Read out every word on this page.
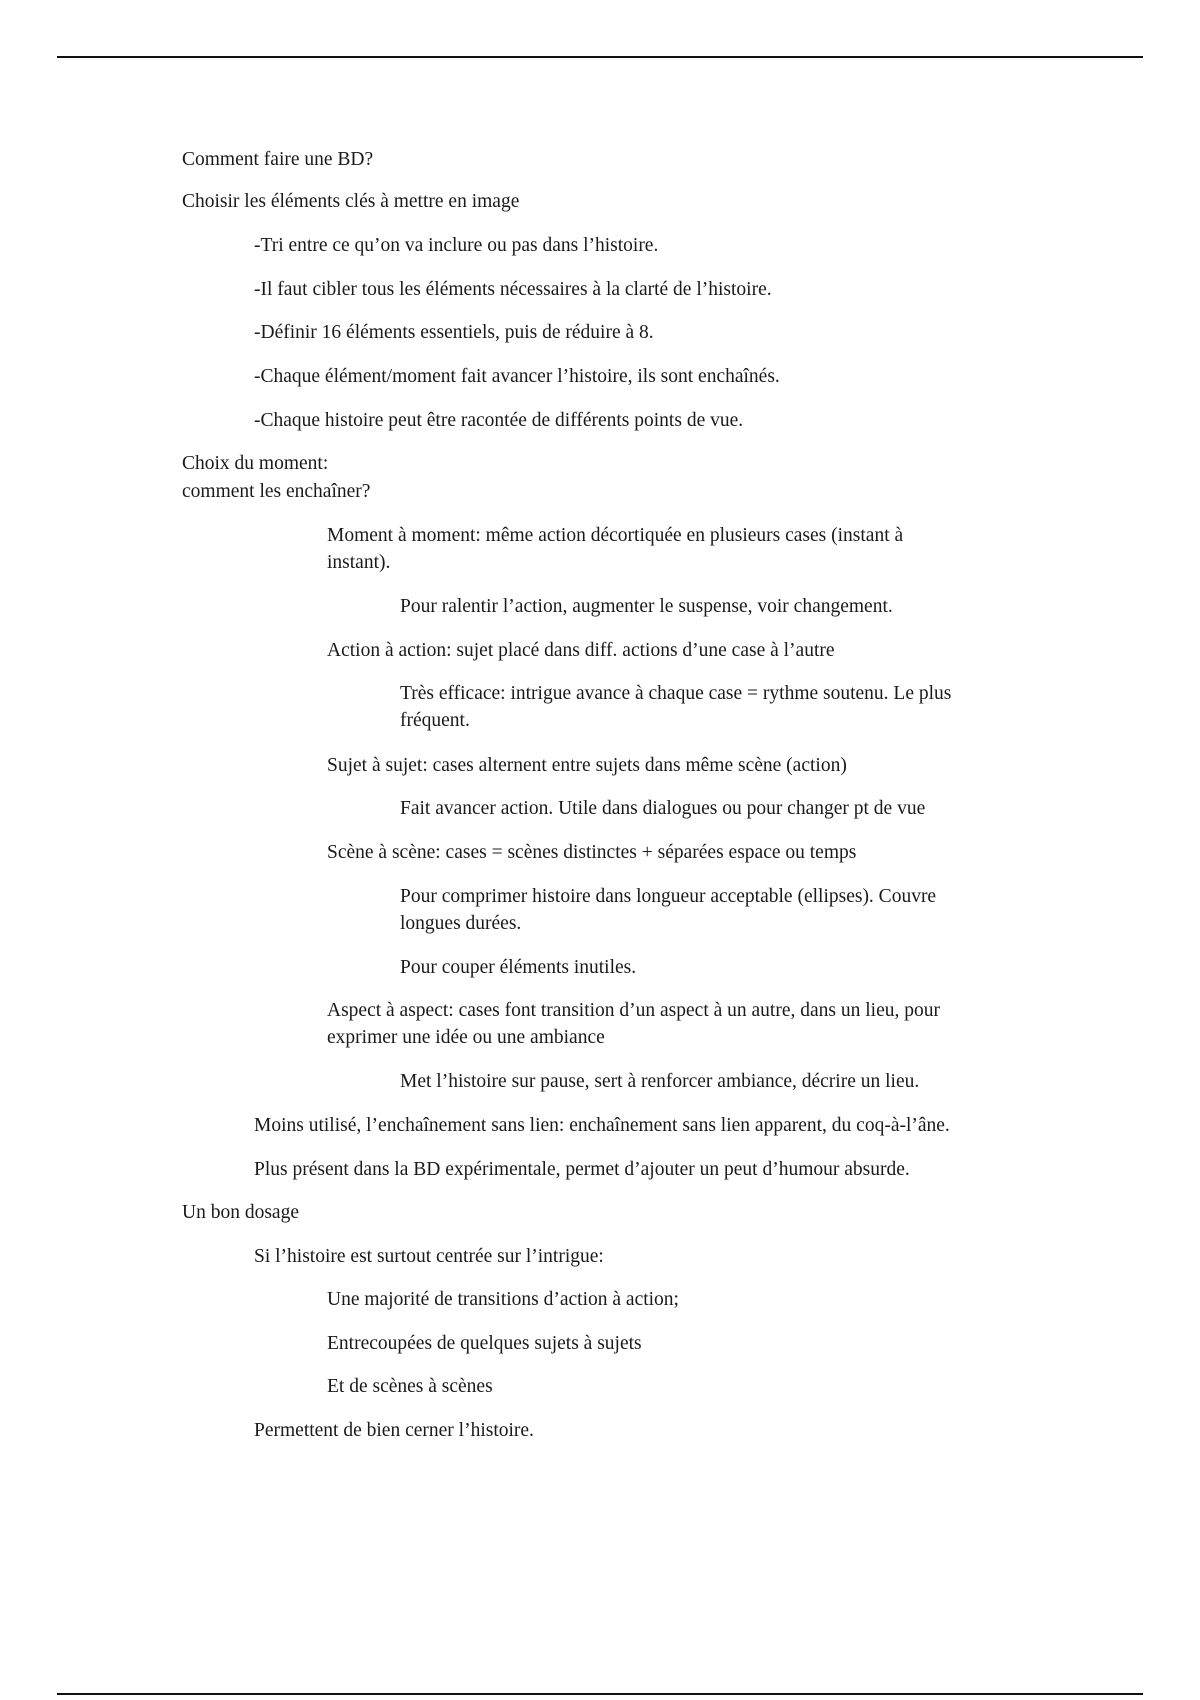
Comment faire une BD?

Choisir les éléments clés à mettre en image

-Tri entre ce qu’on va inclure ou pas dans l’histoire.

-Il faut cibler tous les éléments nécessaires à la clarté de l’histoire.

-Définir 16 éléments essentiels, puis de réduire à 8.

-Chaque élément/moment fait avancer l’histoire, ils sont enchaînés.

-Chaque histoire peut être racontée de différents points de vue.

Choix du moment:

comment les enchaîner?

Moment à moment: même action décortiquée en plusieurs cases (instant à

instant).

Pour ralentir l’action, augmenter le suspense, voir changement.

Action à action: sujet placé dans diff. actions d’une case à l’autre

Très efficace: intrigue avance à chaque case = rythme soutenu. Le plus

fréquent.

Sujet à sujet: cases alternent entre sujets dans même scène (action)

Fait avancer action. Utile dans dialogues ou pour changer pt de vue

Scène à scène: cases = scènes distinctes + séparées espace ou temps

Pour comprimer histoire dans longueur acceptable (ellipses). Couvre

longues durées.

Pour couper éléments inutiles.

Aspect à aspect: cases font transition d’un aspect à un autre, dans un lieu, pour

exprimer une idée ou une ambiance

Met l’histoire sur pause, sert à renforcer ambiance, décrire un lieu.

Moins utilisé, l’enchaînement sans lien: enchaînement sans lien apparent, du coq-à-l’âne.

Plus présent dans la BD expérimentale, permet d’ajouter un peut d’humour absurde.

Un bon dosage

Si l’histoire est surtout centrée sur l’intrigue:

Une majorité de transitions d’action à action;

Entrecoupées de quelques sujets à sujets

Et de scènes à scènes

Permettent de bien cerner l’histoire.
